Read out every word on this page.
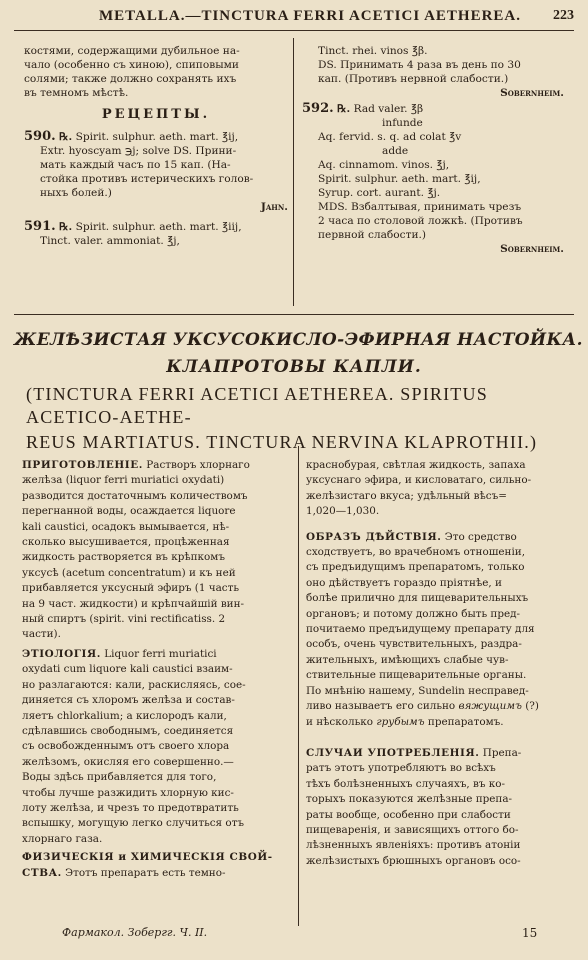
METALLA.—TINCTURA FERRI ACETICI AETHEREA.	223

костями, содержащими дубильное на-

чало (особенно съ хиною), спиповыми

солями; также должно сохранять ихъ

въ темномъ мѣстѣ.

РЕЦЕПТЫ.

590. ℞. Spirit. sulphur. aeth. mart. ℥ij,

Extr. hyoscyam ℈j; solve DS. Прини-

мать каждый часъ по 15 кап. (На-

стойка противъ истерическихъ голов-

ныхъ болей.)

Jahn.

591. ℞. Spirit. sulphur. aeth. mart. ℥iij,

Tinct. valer. ammoniat. ℥j,

Tinct. rhei. vinos ℥β.

DS. Принимать 4 раза въ день по 30

кап. (Противъ нервной слабости.)

Sobernheim.

592. ℞. Rad valer. ℥β

infunde

Aq. fervid. s. q. ad colat ℥v

adde

Aq. cinnamom. vinos. ℥j,

Spirit. sulphur. aeth. mart. ℥ij,

Syrup. cort. aurant. ℥j.

MDS. Взбалтывая, принимать чрезъ

2 часа по столовой ложкѣ. (Противъ

первной слабости.)

Sobernheim.

ЖЕЛѢЗИСТАЯ УКСУСОКИСЛО-ЭФИРНАЯ НАСТОЙКА.
КЛАПРОТОВЫ КАПЛИ.
(TINCTURA FERRI ACETICI AETHEREA. SPIRITUS ACETICO-AETHE-
REUS MARTIATUS. TINCTURA NERVINA KLAPROTHII.)

ПРИГОТОВЛЕНІЕ. Растворъ хлорнаго

желѣза (liquor ferri muriatici oxydati)

разводится достаточнымъ количествомъ

перегнанной воды, осаждается liquore

kali caustici, осадокъ вымывается, нѣ-

сколько высушивается, процѣженная

жидкость растворяется въ крѣпкомъ

уксусѣ (acetum concentratum) и къ ней

прибавляется уксусный эфиръ (1 часть

на 9 част. жидкости) и крѣпчайшій вин-

ный спиртъ (spirit. vini rectificatiss. 2

части).

ЭТІОЛОГІЯ. Liquor ferri muriatici

oxydati cum liquore kali caustici взаим-

но разлагаются: кали, раскисляясь, сое-

диняется съ хлоромъ желѣза и состав-

ляетъ chlorkalium; а кислородъ кали,

сдѣлавшись свободнымъ, соединяется

съ освобожденнымъ отъ своего хлора

желѣзомъ, окисляя его совершенно.—

Воды здѣсь прибавляется для того,

чтобы лучше разжидить хлорную кис-

лоту желѣза, и чрезъ то предотвратить

вспышку, могущую легко случиться отъ

хлорнаго газа.

ФИЗИЧЕСКІЯ и ХИМИЧЕСКІЯ СВОЙ-

СТВА. Этотъ препаратъ есть темно-

краснобурая, свѣтлая жидкость, запаха

уксуснаго эфира, и кисловатаго, сильно-

желѣзистаго вкуса; удѣльный вѣсъ=

1,020—1,030.

ОБРАЗЪ ДѢЙСТВІЯ. Это средство

сходствуетъ, во врачебномъ отношеніи,

съ предъидущимъ препаратомъ, только

оно дѣйствуетъ гораздо пріятнѣе, и

болѣе прилично для пищеварительныхъ

органовъ; и потому должно быть пред-

почитаемо предъидущему препарату для

особъ, очень чувствительныхъ, раздра-

жительныхъ, имѣющихъ слабые чув-

ствительные пищеварительные органы.

По мнѣнію нашему, Sundelin несправед-

ливо называетъ его сильно вяжущимъ (?)

и нѣсколько грубымъ препаратомъ.

СЛУЧАИ УПОТРЕБЛЕНІЯ. Препа-

ратъ этотъ употребляютъ во всѣхъ

тѣхъ болѣзненныхъ случаяхъ, въ ко-

торыхъ показуются желѣзные препа-

раты вообще, особенно при слабости

пищеваренія, и зависящихъ оттого бо-

лѣзненныхъ явленіяхъ: противъ атоніи

желѣзистыхъ брюшныхъ органовъ осо-

Фармакол. Зобергг. Ч. II.	15
